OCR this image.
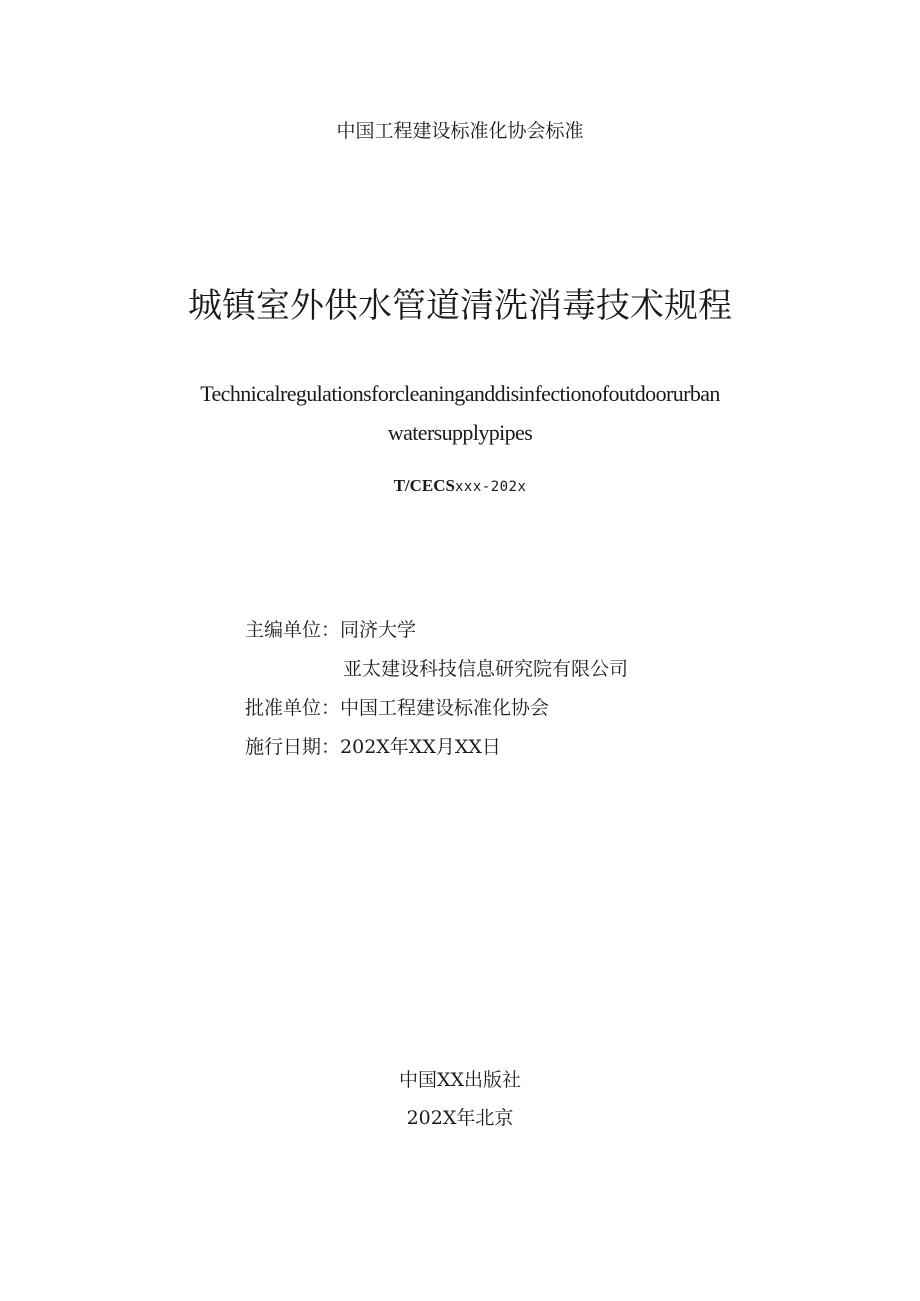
中国工程建设标准化协会标准
城镇室外供水管道清洗消毒技术规程
Technicalregulationsforcleaninganddisinfectionofoutdoorurban
watersupplypipes
T/CECSxxx-202x
主编单位：同济大学
亚太建设科技信息研究院有限公司
批准单位：中国工程建设标准化协会
施行日期：202X年XX月XX日
中国XX出版社
202X年北京
